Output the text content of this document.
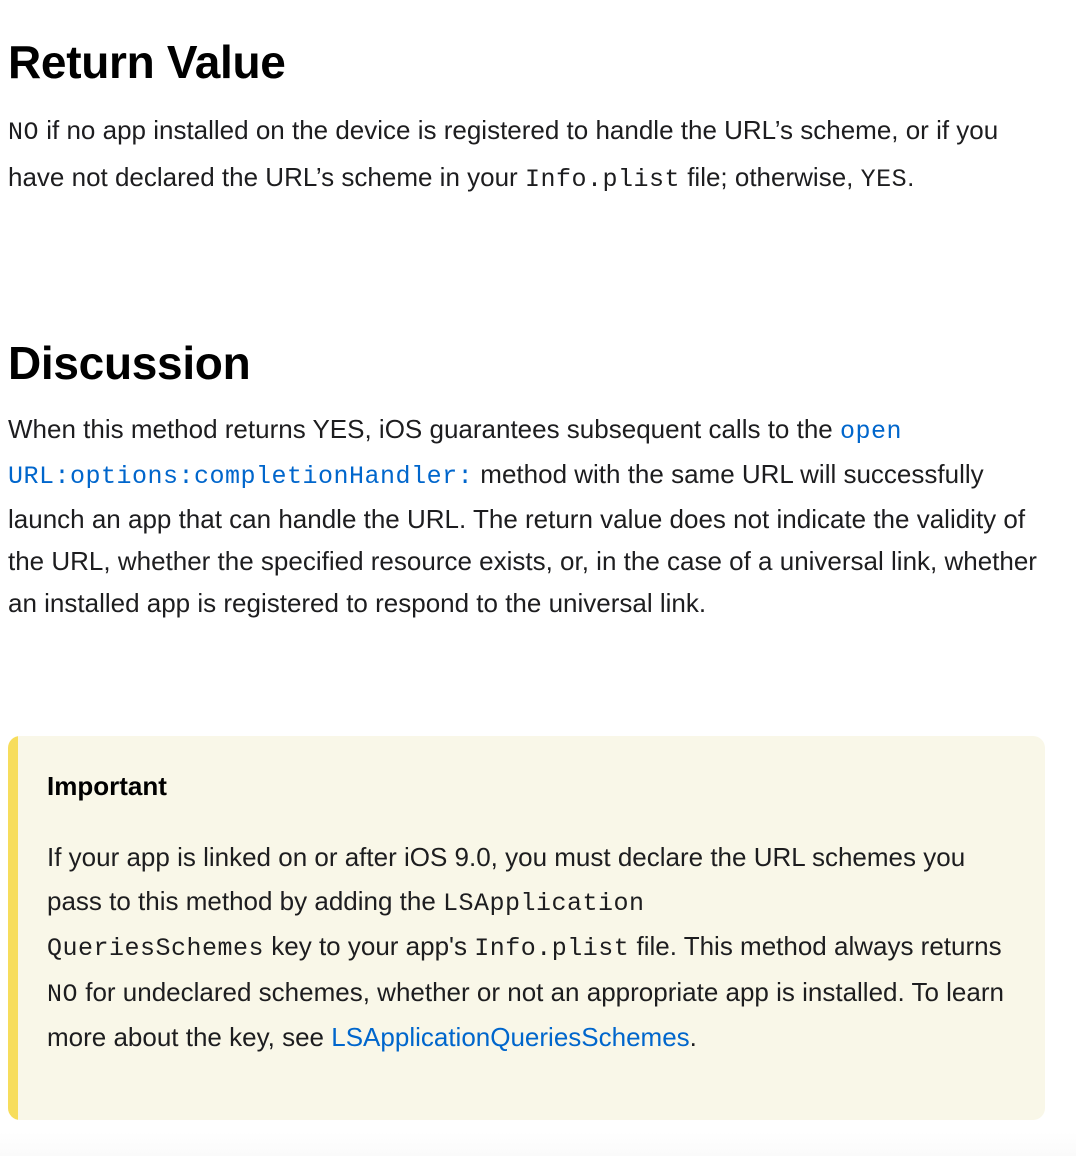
Return Value

NO if no app installed on the device is registered to handle the URL’s scheme, or if you have not declared the URL’s scheme in your Info.plist file; otherwise, YES.

Discussion

When this method returns YES, iOS guarantees subsequent calls to the open
URL:options:completionHandler: method with the same URL will successfully launch an app that can handle the URL. The return value does not indicate the validity of the URL, whether the specified resource exists, or, in the case of a universal link, whether an installed app is registered to respond to the universal link.

Important

If your app is linked on or after iOS 9.0, you must declare the URL schemes you pass to this method by adding the LSApplication
QueriesSchemes key to your app's Info.plist file. This method always returns NO for undeclared schemes, whether or not an appropriate app is installed. To learn more about the key, see LSApplicationQueriesSchemes.
